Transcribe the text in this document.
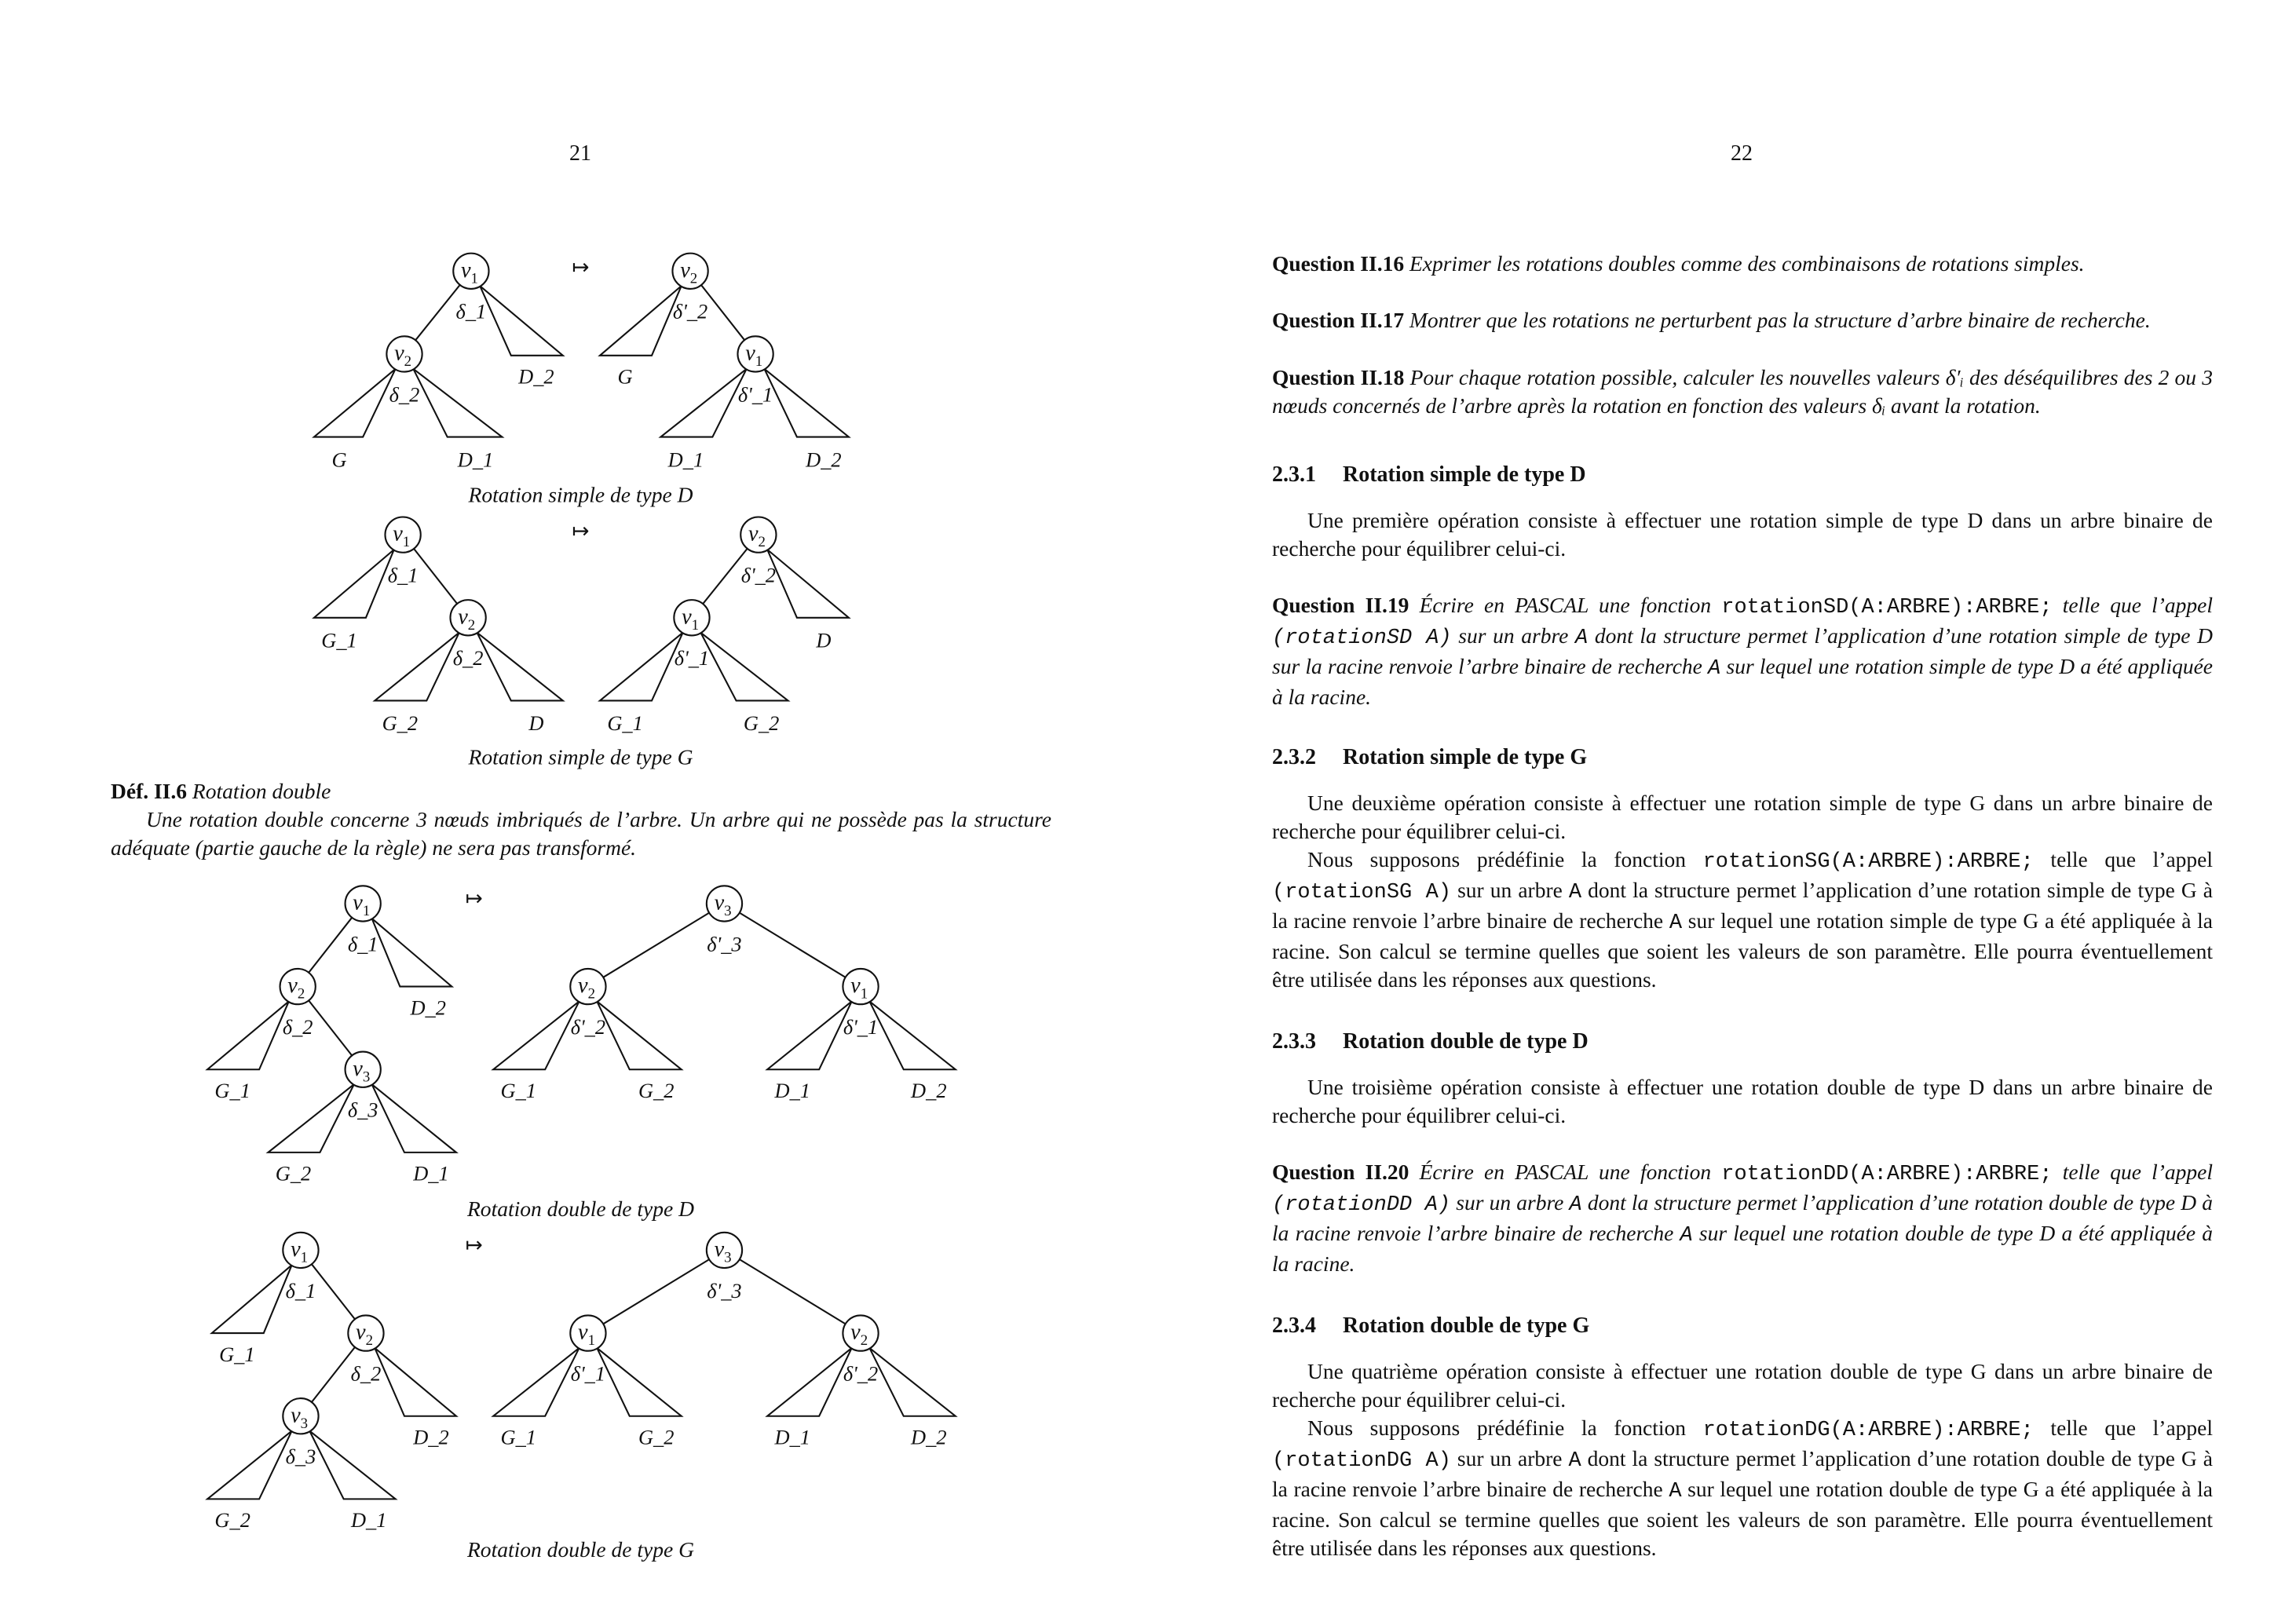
21	22
$v_1$
δ_1
$v_2$
δ_2
D_2
G	D_1
$v_2$
δ'_2
$v_1$
δ'_1
G
D_1	D_2
↦
Rotation simple de type D
$v_1$
δ_1
$v_2$
δ_2
G_1
G_2	D
$v_2$
δ'_2
$v_1$
δ'_1
D
G_1	G_2
↦
Rotation simple de type G
$v_1$
δ_1
$v_2$
δ_2
$v_3$
δ_3
D_2
G_1
G_2	D_1
$v_3$
δ'_3
$v_2$
δ'_2
$v_1$
δ'_1
G_1	G_2	D_1	D_2
↦
Rotation double de type D
$v_1$
δ_1
$v_2$
δ_2
$v_3$
δ_3
G_1
D_2
G_2	D_1
$v_3$
δ'_3
$v_1$
δ'_1
$v_2$
δ'_2
G_1	G_2	D_1	D_2
↦
Rotation double de type G
Déf. II.6 Rotation double
Une rotation double concerne 3 nœuds imbriqués de l’arbre. Un arbre qui ne possède pas la structure adéquate (partie gauche de la règle) ne sera pas transformé.
Question II.16 Exprimer les rotations doubles comme des combinaisons de rotations simples.
Question II.17 Montrer que les rotations ne perturbent pas la structure d’arbre binaire de recherche.
Question II.18 Pour chaque rotation possible, calculer les nouvelles valeurs δ′ᵢ des déséquilibres des 2 ou 3 nœuds concernés de l’arbre après la rotation en fonction des valeurs δᵢ avant la rotation.
2.3.1 Rotation simple de type D
Une première opération consiste à effectuer une rotation simple de type D dans un arbre binaire de recherche pour équilibrer celui-ci.
Question II.19 Écrire en PASCAL une fonction rotationSD(A:ARBRE):ARBRE; telle que l’appel (rotationSD A) sur un arbre A dont la structure permet l’application d’une rotation simple de type D sur la racine renvoie l’arbre binaire de recherche A sur lequel une rotation simple de type D a été appliquée à la racine.
2.3.2 Rotation simple de type G
Une deuxième opération consiste à effectuer une rotation simple de type G dans un arbre binaire de recherche pour équilibrer celui-ci.
Nous supposons prédéfinie la fonction rotationSG(A:ARBRE):ARBRE; telle que l’appel (rotationSG A) sur un arbre A dont la structure permet l’application d’une rotation simple de type G à la racine renvoie l’arbre binaire de recherche A sur lequel une rotation simple de type G a été appliquée à la racine. Son calcul se termine quelles que soient les valeurs de son paramètre. Elle pourra éventuellement être utilisée dans les réponses aux questions.
2.3.3 Rotation double de type D
Une troisième opération consiste à effectuer une rotation double de type D dans un arbre binaire de recherche pour équilibrer celui-ci.
Question II.20 Écrire en PASCAL une fonction rotationDD(A:ARBRE):ARBRE; telle que l’appel (rotationDD A) sur un arbre A dont la structure permet l’application d’une rotation double de type D à la racine renvoie l’arbre binaire de recherche A sur lequel une rotation double de type D a été appliquée à la racine.
2.3.4 Rotation double de type G
Une quatrième opération consiste à effectuer une rotation double de type G dans un arbre binaire de recherche pour équilibrer celui-ci.
Nous supposons prédéfinie la fonction rotationDG(A:ARBRE):ARBRE; telle que l’appel (rotationDG A) sur un arbre A dont la structure permet l’application d’une rotation double de type G à la racine renvoie l’arbre binaire de recherche A sur lequel une rotation double de type G a été appliquée à la racine. Son calcul se termine quelles que soient les valeurs de son paramètre. Elle pourra éventuellement être utilisée dans les réponses aux questions.
